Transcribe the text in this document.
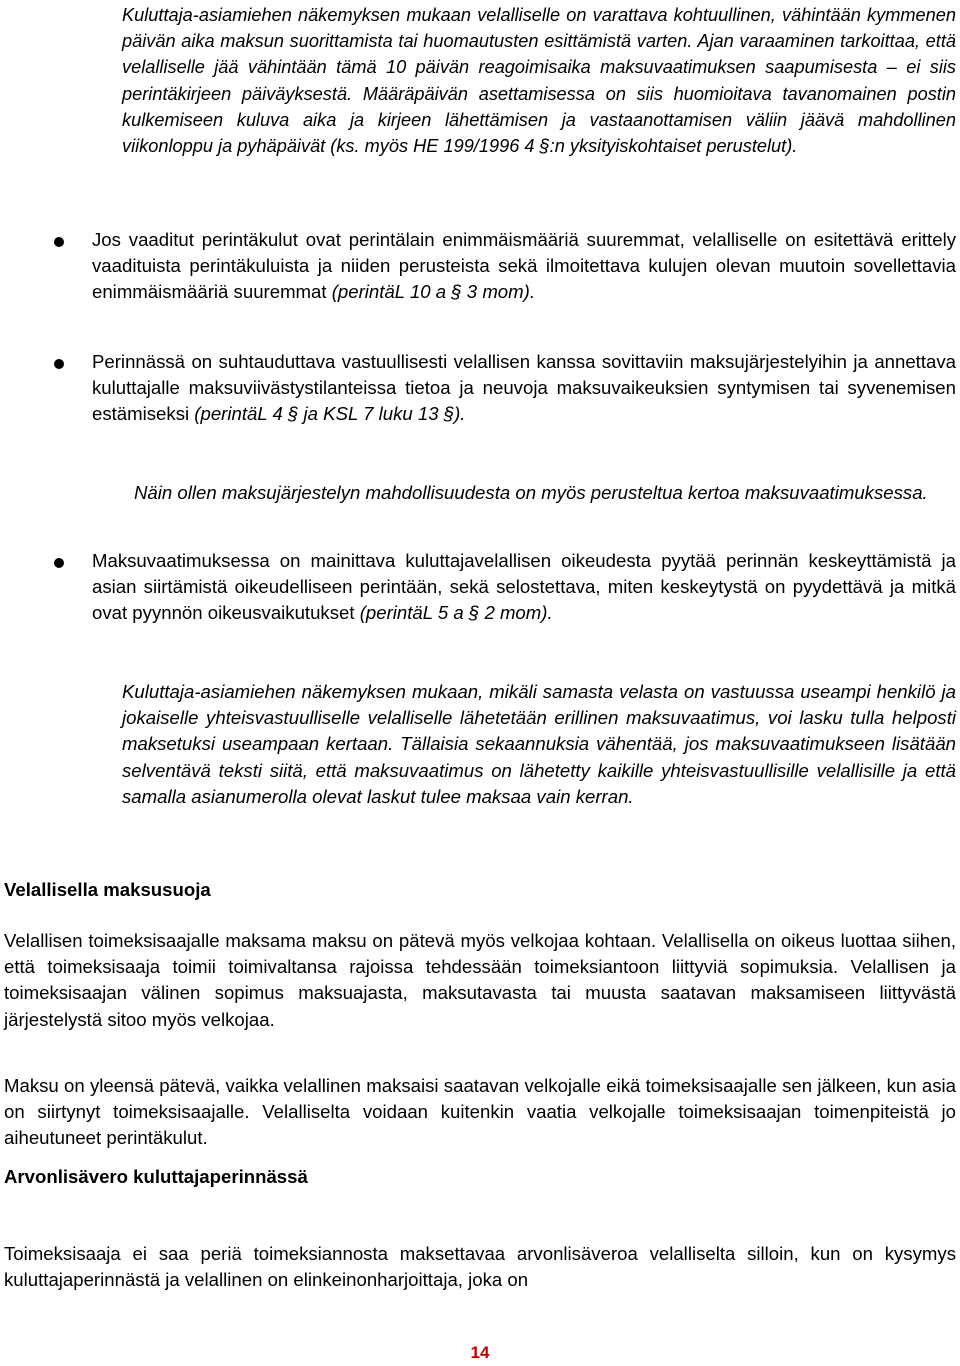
Kuluttaja-asiamiehen näkemyksen mukaan velalliselle on varattava kohtuullinen, vähintään kymmenen päivän aika maksun suorittamista tai huomautusten esittämistä varten. Ajan varaaminen tarkoittaa, että velalliselle jää vähintään tämä 10 päivän reagoimisaika maksuvaatimuksen saapumisesta – ei siis perintäkirjeen päiväyksestä. Määräpäivän asettamisessa on siis huomioitava tavanomainen postin kulkemiseen kuluva aika ja kirjeen lähettämisen ja vastaanottamisen väliin jäävä mahdollinen viikonloppu ja pyhäpäivät (ks. myös HE 199/1996 4 §:n yksityiskohtaiset perustelut).

Jos vaaditut perintäkulut ovat perintälain enimmäismääriä suuremmat, velalliselle on esitettävä erittely vaadituista perintäkuluista ja niiden perusteista sekä ilmoitettava kulujen olevan muutoin sovellettavia enimmäismääriä suuremmat (perintäL 10 a § 3 mom).

Perinnässä on suhtauduttava vastuullisesti velallisen kanssa sovittaviin maksujärjestelyihin ja annettava kuluttajalle maksuviivästystilanteissa tietoa ja neuvoja maksuvaikeuksien syntymisen tai syvenemisen estämiseksi (perintäL 4 § ja KSL 7 luku 13 §).

Näin ollen maksujärjestelyn mahdollisuudesta on myös perusteltua kertoa maksuvaatimuksessa.

Maksuvaatimuksessa on mainittava kuluttajavelallisen oikeudesta pyytää perinnän keskeyttämistä ja asian siirtämistä oikeudelliseen perintään, sekä selostettava, miten keskeytystä on pyydettävä ja mitkä ovat pyynnön oikeusvaikutukset (perintäL 5 a § 2 mom).

Kuluttaja-asiamiehen näkemyksen mukaan, mikäli samasta velasta on vastuussa useampi henkilö ja jokaiselle yhteisvastuulliselle velalliselle lähetetään erillinen maksuvaatimus, voi lasku tulla helposti maksetuksi useampaan kertaan. Tällaisia sekaannuksia vähentää, jos maksuvaatimukseen lisätään selventävä teksti siitä, että maksuvaatimus on lähetetty kaikille yhteisvastuullisille velallisille ja että samalla asianumerolla olevat laskut tulee maksaa vain kerran.

Velallisella maksusuoja

Velallisen toimeksisaajalle maksama maksu on pätevä myös velkojaa kohtaan. Velallisella on oikeus luottaa siihen, että toimeksisaaja toimii toimivaltansa rajoissa tehdessään toimeksiantoon liittyviä sopimuksia. Velallisen ja toimeksisaajan välinen sopimus maksuajasta, maksutavasta tai muusta saatavan maksamiseen liittyvästä järjestelystä sitoo myös velkojaa.

Maksu on yleensä pätevä, vaikka velallinen maksaisi saatavan velkojalle eikä toimeksisaajalle sen jälkeen, kun asia on siirtynyt toimeksisaajalle. Velalliselta voidaan kuitenkin vaatia velkojalle toimeksisaajan toimenpiteistä jo aiheutuneet perintäkulut.

Arvonlisävero kuluttajaperinnässä

Toimeksisaaja ei saa periä toimeksiannosta maksettavaa arvonlisäveroa velalliselta silloin, kun on kysymys kuluttajaperinnästä ja velallinen on elinkeinonharjoittaja, joka on

14
